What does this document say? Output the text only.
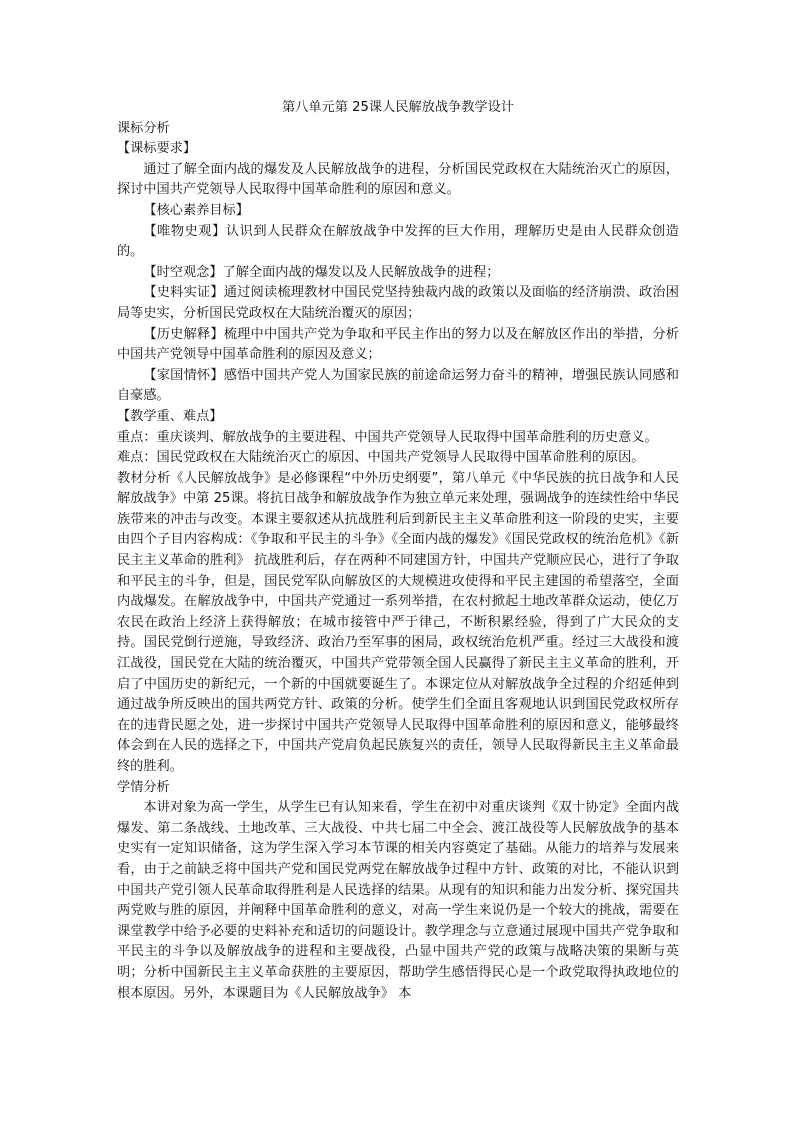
第八单元第 25课人民解放战争教学设计

课标分析

【课标要求】

通过了解全面内战的爆发及人民解放战争的进程，分析国民党政权在大陆统治灭亡的原因，探讨中国共产党领导人民取得中国革命胜利的原因和意义。

【核心素养目标】

【唯物史观】认识到人民群众在解放战争中发挥的巨大作用，理解历史是由人民群众创造的。

【时空观念】了解全面内战的爆发以及人民解放战争的进程；

【史料实证】通过阅读梳理教材中国民党坚持独裁内战的政策以及面临的经济崩溃、政治困局等史实，分析国民党政权在大陆统治覆灭的原因；

【历史解释】梳理中中国共产党为争取和平民主作出的努力以及在解放区作出的举措，分析中国共产党领导中国革命胜利的原因及意义；

【家国情怀】感悟中国共产党人为国家民族的前途命运努力奋斗的精神，增强民族认同感和自豪感。

【教学重、难点】

重点：重庆谈判、解放战争的主要进程、中国共产党领导人民取得中国革命胜利的历史意义。

难点：国民党政权在大陆统治灭亡的原因、中国共产党领导人民取得中国革命胜利的原因。

教材分析《人民解放战争》是必修课程“中外历史纲要”，第八单元《中华民族的抗日战争和人民解放战争》中第 25课。将抗日战争和解放战争作为独立单元来处理，强调战争的连续性给中华民族带来的冲击与改变。本课主要叙述从抗战胜利后到新民主主义革命胜利这一阶段的史实，主要由四个子目内容构成：《争取和平民主的斗争》《全面内战的爆发》《国民党政权的统治危机》《新民主主义革命的胜利》 抗战胜利后，存在两种不同建国方针，中国共产党顺应民心，进行了争取和平民主的斗争，但是，国民党军队向解放区的大规模进攻使得和平民主建国的希望落空，全面内战爆发。在解放战争中，中国共产党通过一系列举措，在农村掀起土地改革群众运动，使亿万农民在政治上经济上获得解放；在城市接管中严于律己，不断积累经验，得到了广大民众的支持。国民党倒行逆施，导致经济、政治乃至军事的困局，政权统治危机严重。经过三大战役和渡江战役，国民党在大陆的统治覆灭，中国共产党带领全国人民赢得了新民主主义革命的胜利，开启了中国历史的新纪元，一个新的中国就要诞生了。本课定位从对解放战争全过程的介绍延伸到通过战争所反映出的国共两党方针、政策的分析。使学生们全面且客观地认识到国民党政权所存在的违背民愿之处，进一步探讨中国共产党领导人民取得中国革命胜利的原因和意义，能够最终体会到在人民的选择之下，中国共产党肩负起民族复兴的责任，领导人民取得新民主主义革命最终的胜利。

学情分析

本讲对象为高一学生，从学生已有认知来看，学生在初中对重庆谈判《双十协定》全面内战爆发、第二条战线、土地改革、三大战役、中共七届二中全会、渡江战役等人民解放战争的基本史实有一定知识储备，这为学生深入学习本节课的相关内容奠定了基础。从能力的培养与发展来看，由于之前缺乏将中国共产党和国民党两党在解放战争过程中方针、政策的对比，不能认识到中国共产党引领人民革命取得胜利是人民选择的结果。从现有的知识和能力出发分析、探究国共两党败与胜的原因，并阐释中国革命胜利的意义，对高一学生来说仍是一个较大的挑战，需要在课堂教学中给予必要的史料补充和适切的问题设计。教学理念与立意通过展现中国共产党争取和平民主的斗争以及解放战争的进程和主要战役，凸显中国共产党的政策与战略决策的果断与英明；分析中国新民主主义革命获胜的主要原因，帮助学生感悟得民心是一个政党取得执政地位的根本原因。另外，本课题目为《人民解放战争》 本
